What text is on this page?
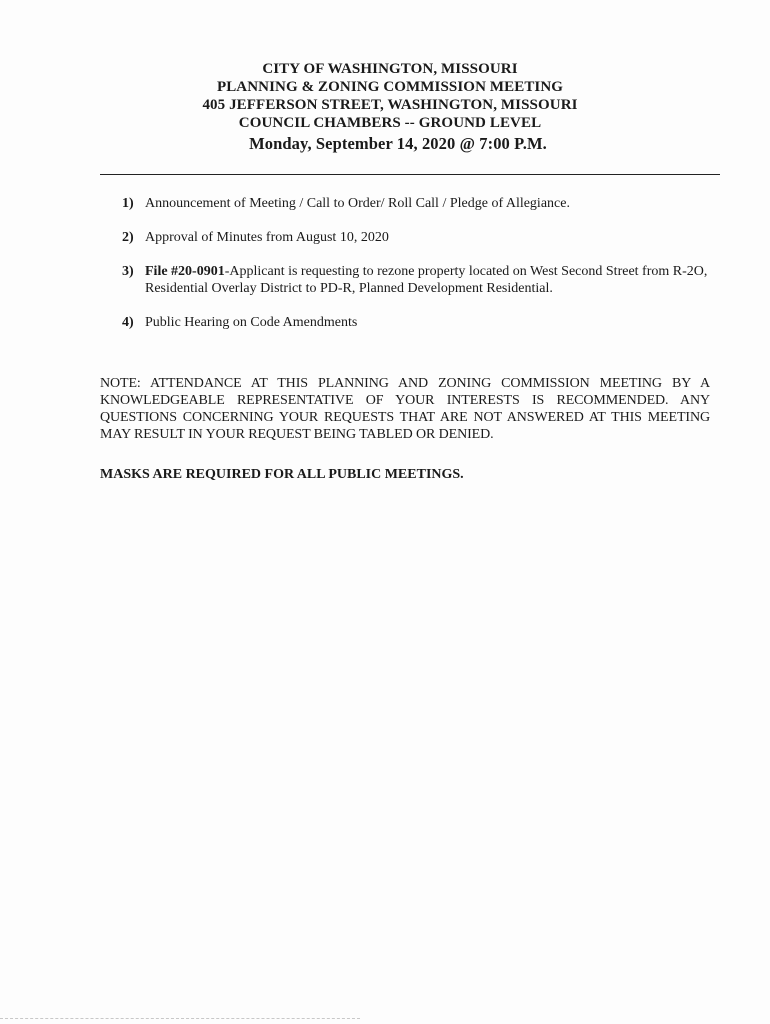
CITY OF WASHINGTON, MISSOURI
PLANNING & ZONING COMMISSION MEETING
405 JEFFERSON STREET, WASHINGTON, MISSOURI
COUNCIL CHAMBERS -- GROUND LEVEL
Monday, September 14, 2020 @ 7:00 P.M.
1) Announcement of Meeting / Call to Order/ Roll Call / Pledge of Allegiance.
2) Approval of Minutes from August 10, 2020
3) File #20-0901-Applicant is requesting to rezone property located on West Second Street from R-2O, Residential Overlay District to PD-R, Planned Development Residential.
4) Public Hearing on Code Amendments
NOTE: ATTENDANCE AT THIS PLANNING AND ZONING COMMISSION MEETING BY A KNOWLEDGEABLE REPRESENTATIVE OF YOUR INTERESTS IS RECOMMENDED. ANY QUESTIONS CONCERNING YOUR REQUESTS THAT ARE NOT ANSWERED AT THIS MEETING MAY RESULT IN YOUR REQUEST BEING TABLED OR DENIED.
MASKS ARE REQUIRED FOR ALL PUBLIC MEETINGS.
